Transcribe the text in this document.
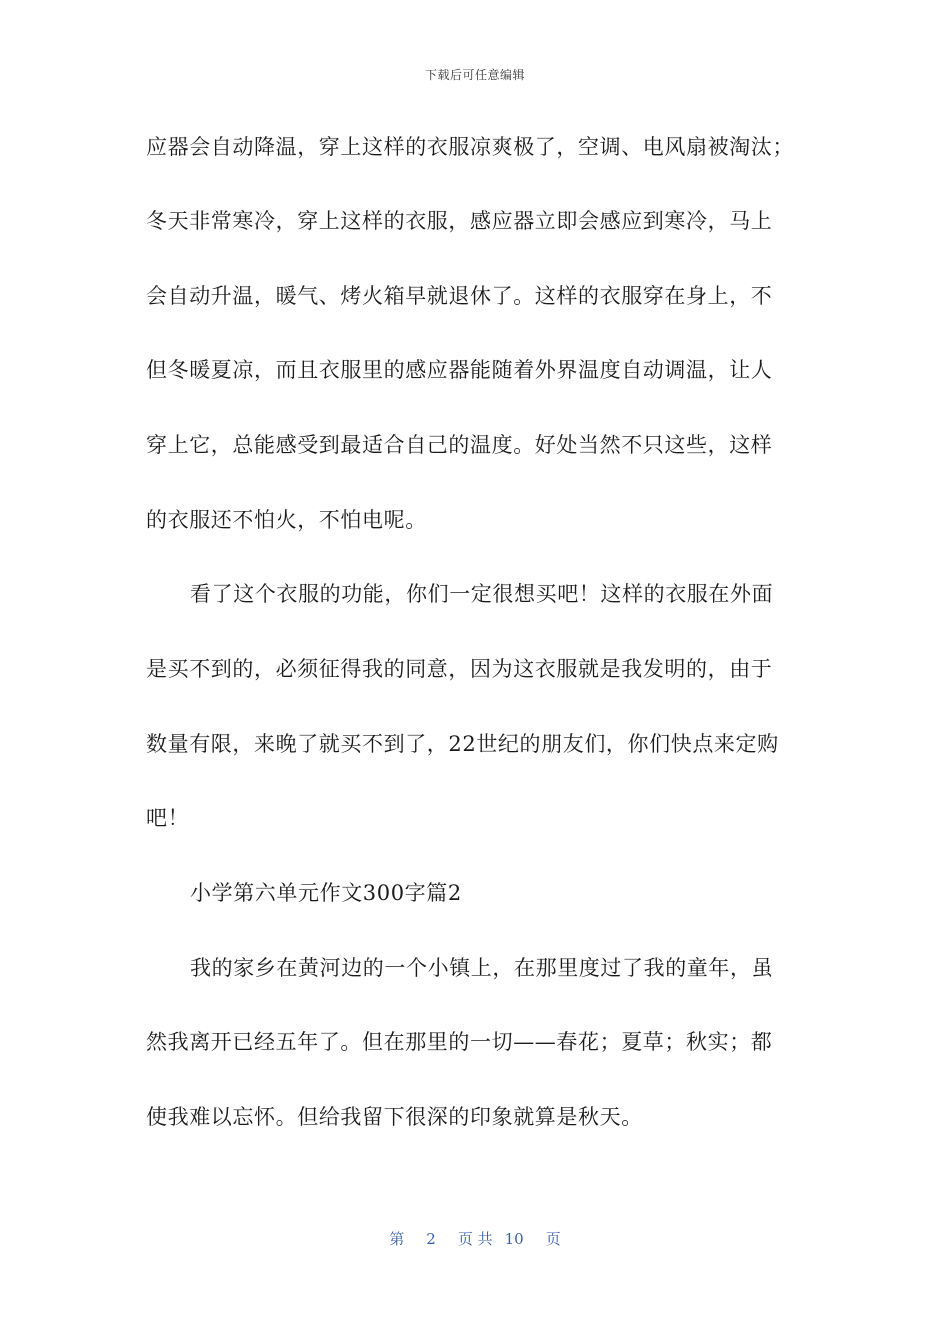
下载后可任意编辑
应器会自动降温，穿上这样的衣服凉爽极了，空调、电风扇被淘汰；
冬天非常寒冷，穿上这样的衣服，感应器立即会感应到寒冷，马上
会自动升温，暖气、烤火箱早就退休了。这样的衣服穿在身上，不
但冬暖夏凉，而且衣服里的感应器能随着外界温度自动调温，让人
穿上它，总能感受到最适合自己的温度。好处当然不只这些，这样
的衣服还不怕火，不怕电呢。
看了这个衣服的功能，你们一定很想买吧！这样的衣服在外面
是买不到的，必须征得我的同意，因为这衣服就是我发明的，由于
数量有限，来晚了就买不到了，22世纪的朋友们，你们快点来定购
吧！
小学第六单元作文300字篇2
我的家乡在黄河边的一个小镇上，在那里度过了我的童年，虽
然我离开已经五年了。但在那里的一切——春花；夏草；秋实；都
使我难以忘怀。但给我留下很深的印象就算是秋天。
第 2 页 共 10 页
